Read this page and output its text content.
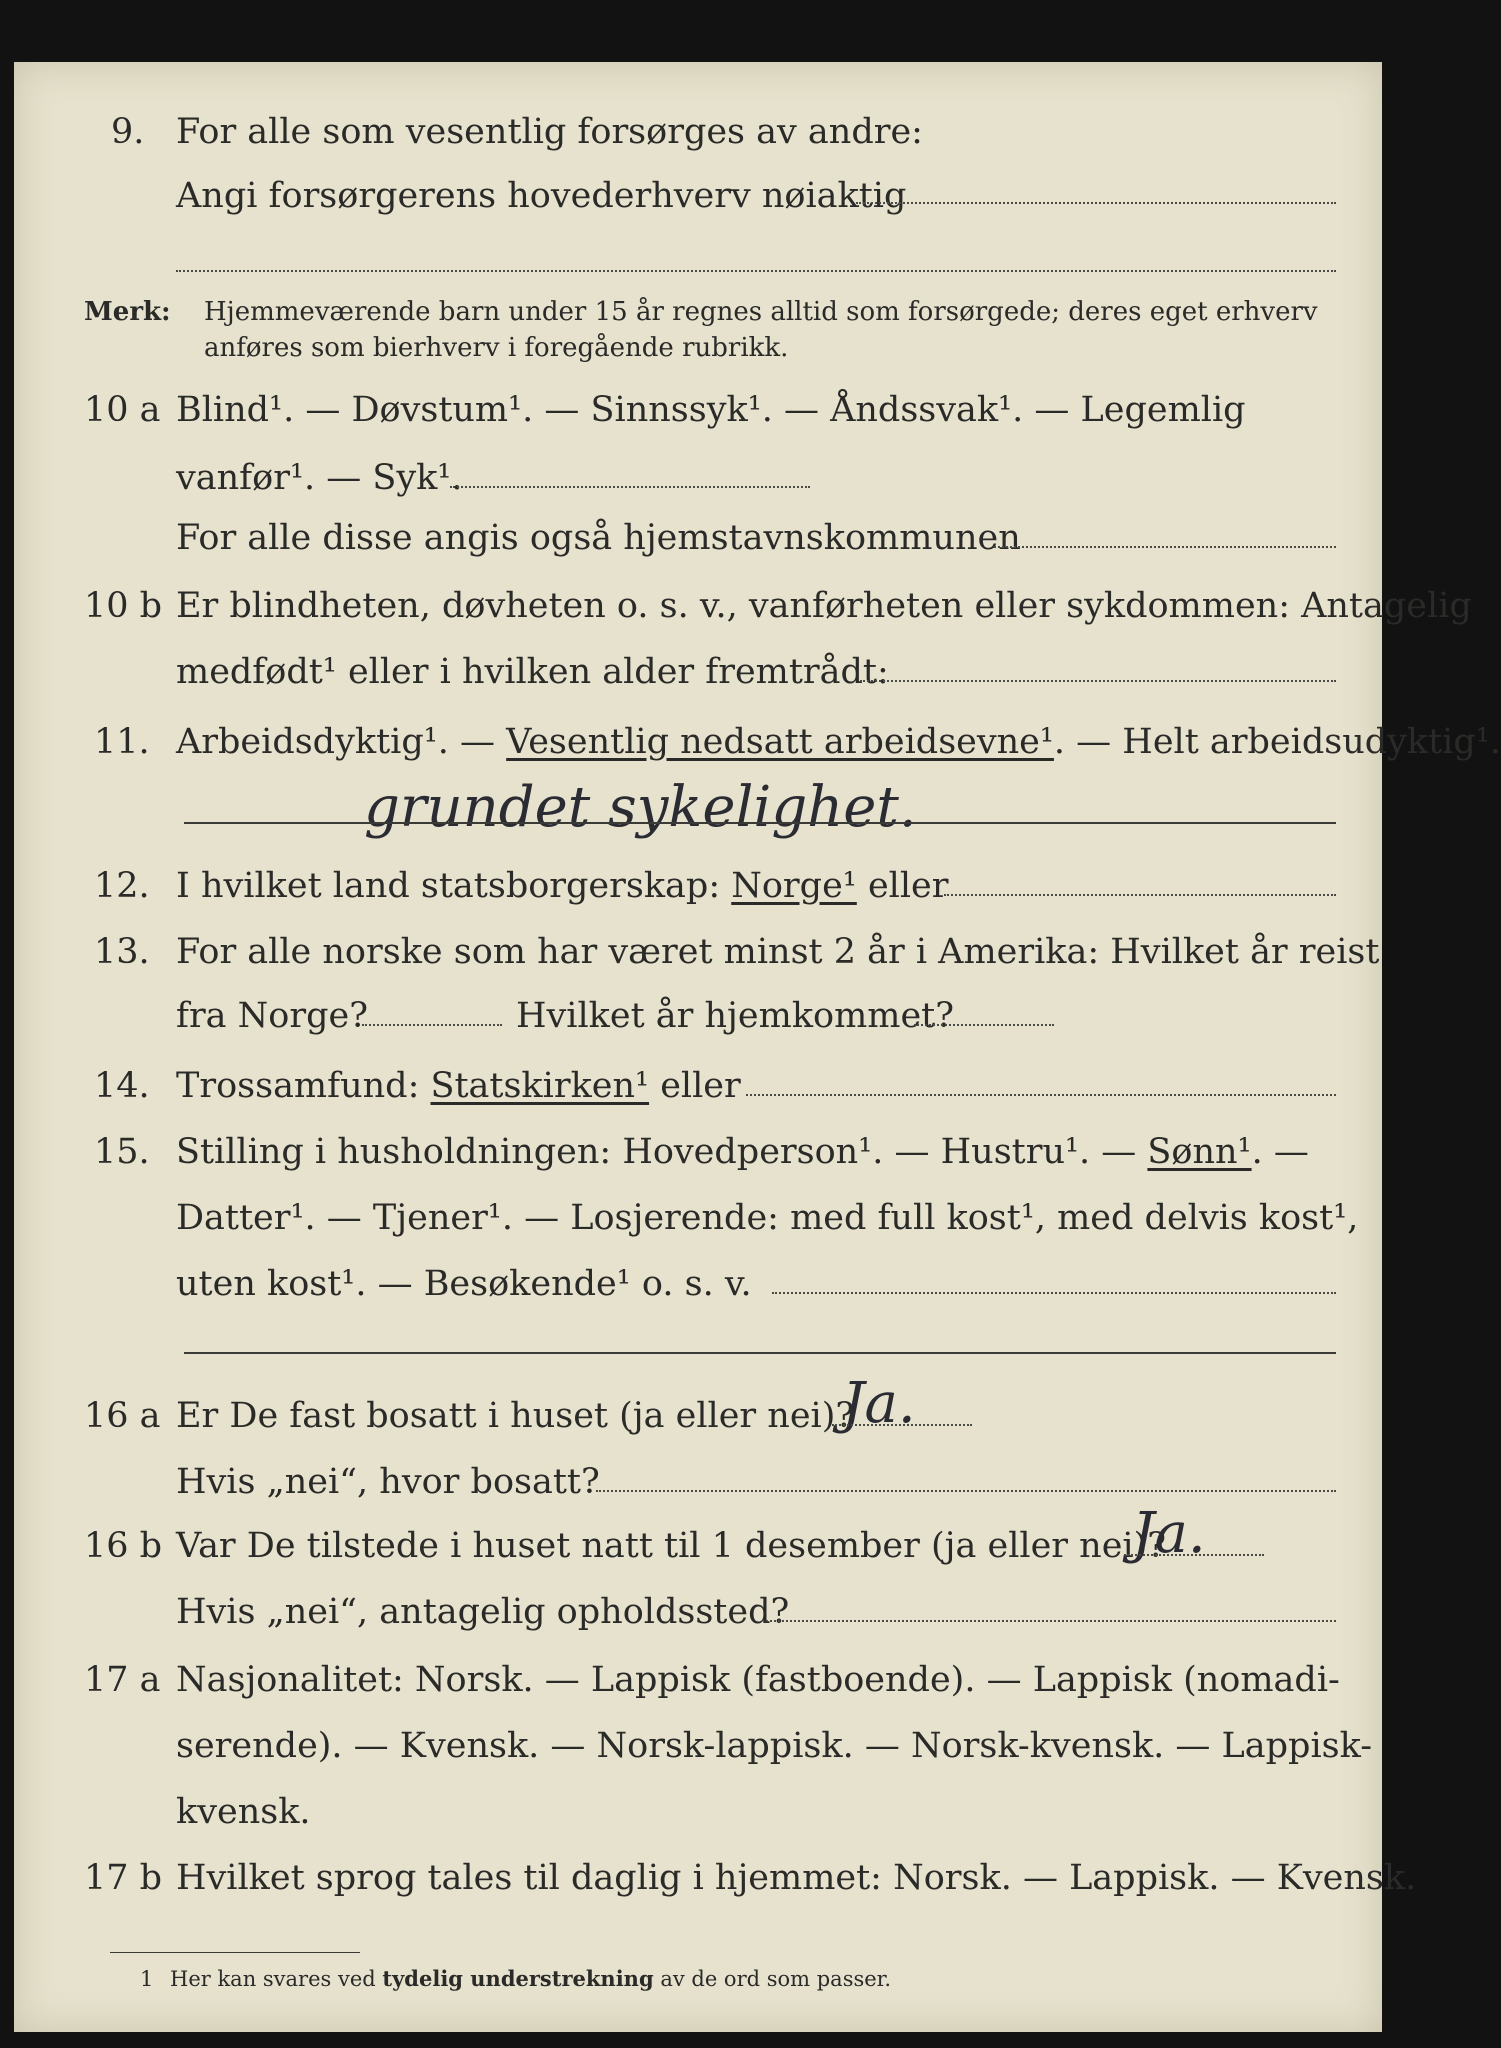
9. For alle som vesentlig forsørges av andre:
Angi forsørgerens hovederhverv nøiaktig
Merk: Hjemmeværende barn under 15 år regnes alltid som forsørgede; deres eget erhverv
anføres som bierhverv i foregående rubrikk.
10 a Blind¹. — Døvstum¹. — Sinnssyk¹. — Åndssvak¹. — Legemlig
vanfør¹. — Syk¹.
For alle disse angis også hjemstavnskommunen
10 b Er blindheten, døvheten o. s. v., vanførheten eller sykdommen: Antagelig
medfødt¹ eller i hvilken alder fremtrådt:
11. Arbeidsdyktig¹. — Vesentlig nedsatt arbeidsevne¹. — Helt arbeidsudyktig¹.
grundet sykelighet.
12. I hvilket land statsborgerskap: Norge¹ eller
13. For alle norske som har været minst 2 år i Amerika: Hvilket år reist
fra Norge?	Hvilket år hjemkommet?
14. Trossamfund: Statskirken¹ eller
15. Stilling i husholdningen: Hovedperson¹. — Hustru¹. — Sønn¹. —
Datter¹. — Tjener¹. — Losjerende: med full kost¹, med delvis kost¹,
uten kost¹. — Besøkende¹ o. s. v.
16 a Er De fast bosatt i huset (ja eller nei)?
Ja.
Hvis „nei“, hvor bosatt?
16 b Var De tilstede i huset natt til 1 desember (ja eller nei)?
Ja.
Hvis „nei“, antagelig opholdssted?
17 a Nasjonalitet: Norsk. — Lappisk (fastboende). — Lappisk (nomadi-
serende). — Kvensk. — Norsk-lappisk. — Norsk-kvensk. — Lappisk-
kvensk.
17 b Hvilket sprog tales til daglig i hjemmet: Norsk. — Lappisk. — Kvensk.
1 Her kan svares ved tydelig understrekning av de ord som passer.
